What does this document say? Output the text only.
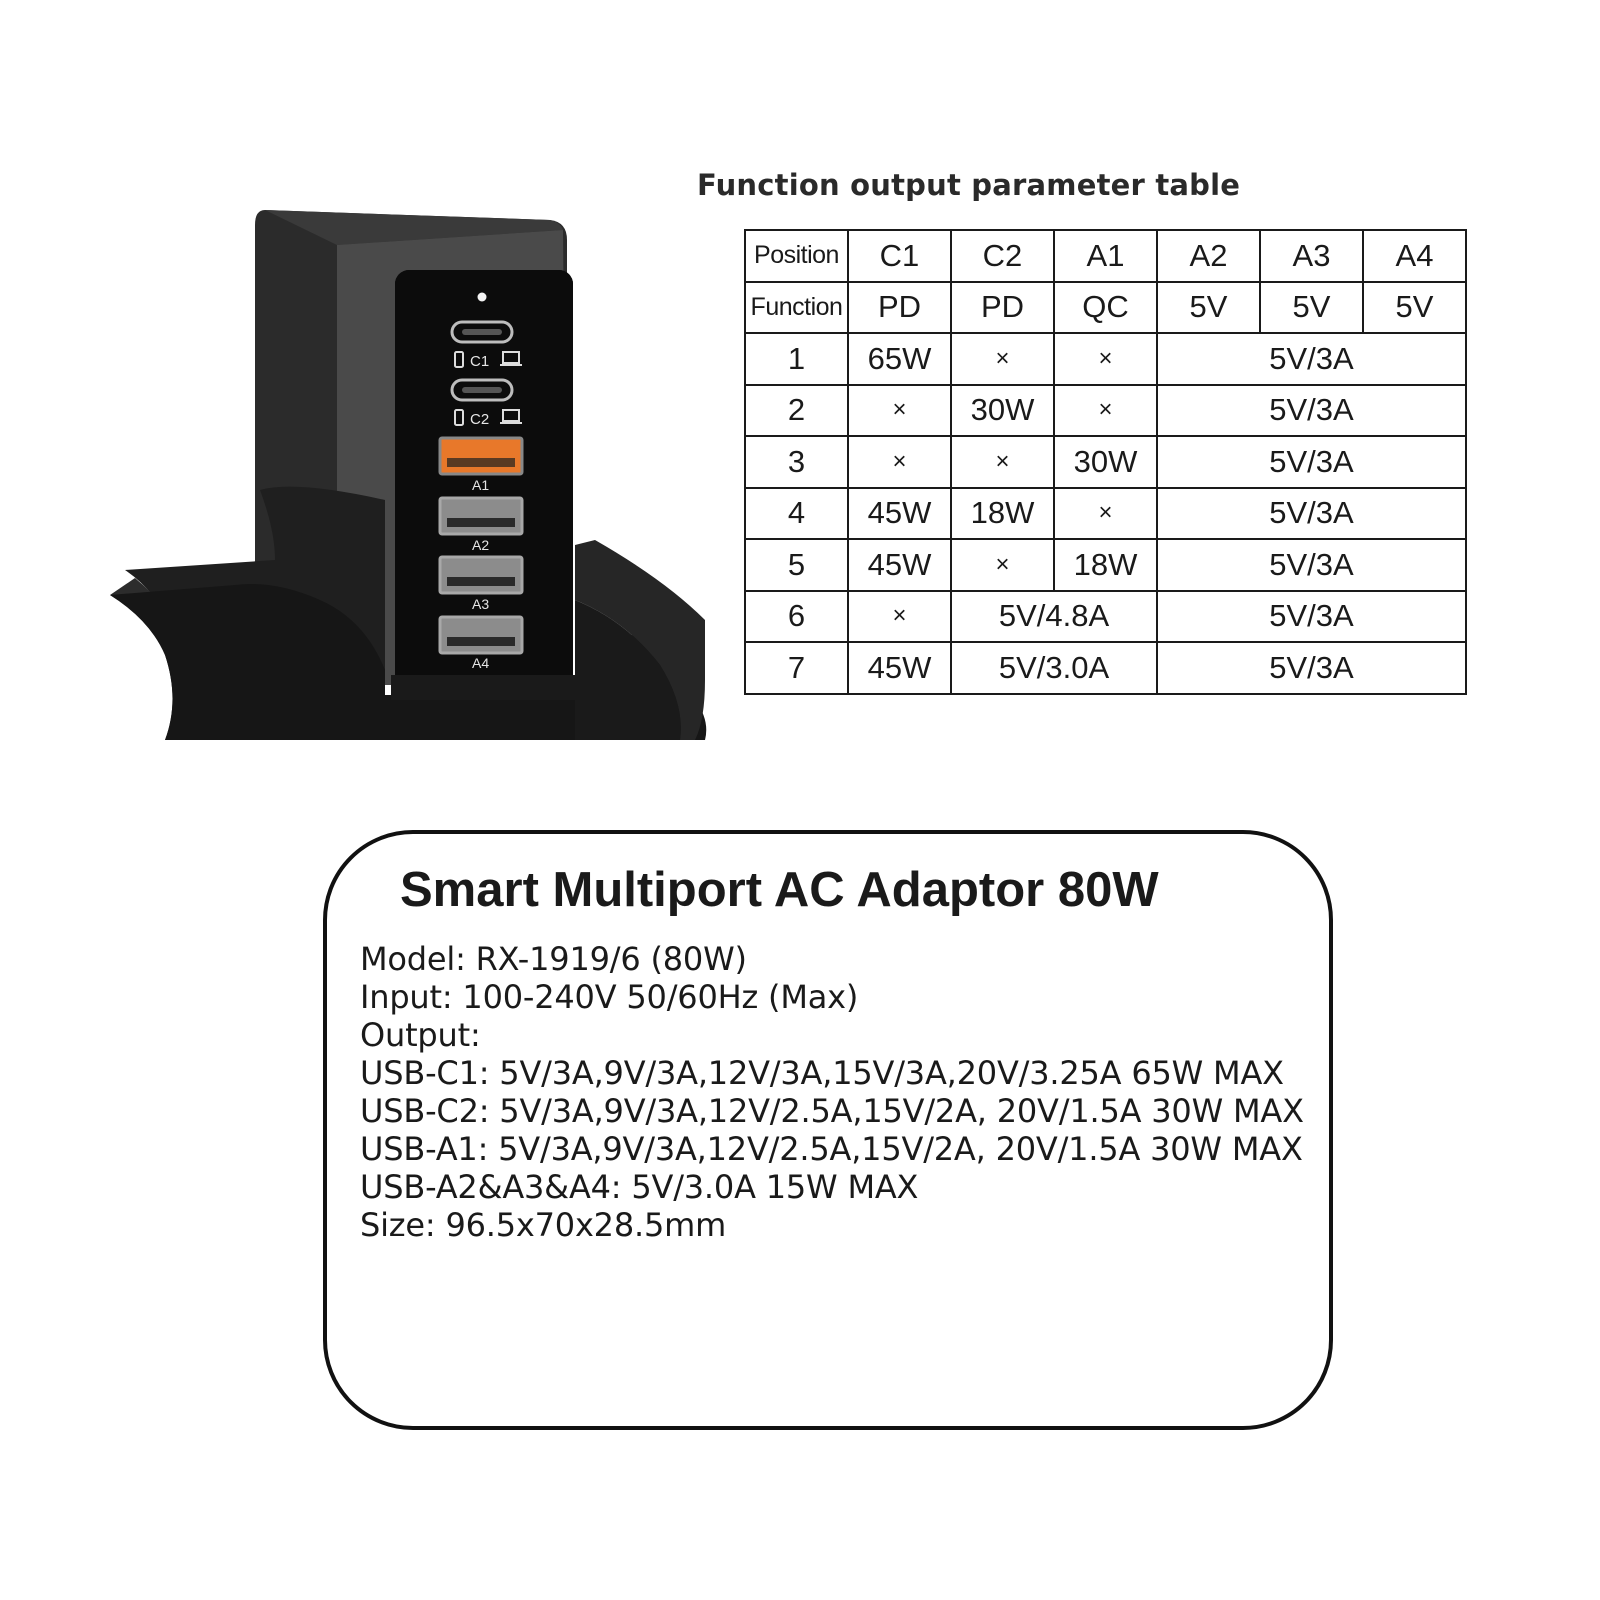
C1
C2
A1
A2
A3
A4
Function output parameter table
Position	C1	C2	A1	A2	A3	A4
Function	PD	PD	QC	5V	5V	5V
1	65W	×	×	5V/3A		
2	×	30W	×	5V/3A		
3	×	×	30W	5V/3A		
4	45W	18W	×	5V/3A		
5	45W	×	18W	5V/3A		
6	×	5V/4.8A		5V/3A		
7	45W	5V/3.0A		5V/3A		
Smart Multiport AC Adaptor 80W
Model: RX-1919/6 (80W)
Input: 100-240V 50/60Hz (Max)
Output:
USB-C1: 5V/3A,9V/3A,12V/3A,15V/3A,20V/3.25A 65W MAX
USB-C2: 5V/3A,9V/3A,12V/2.5A,15V/2A, 20V/1.5A 30W MAX
USB-A1: 5V/3A,9V/3A,12V/2.5A,15V/2A, 20V/1.5A 30W MAX
USB-A2&A3&A4: 5V/3.0A 15W MAX
Size: 96.5x70x28.5mm
